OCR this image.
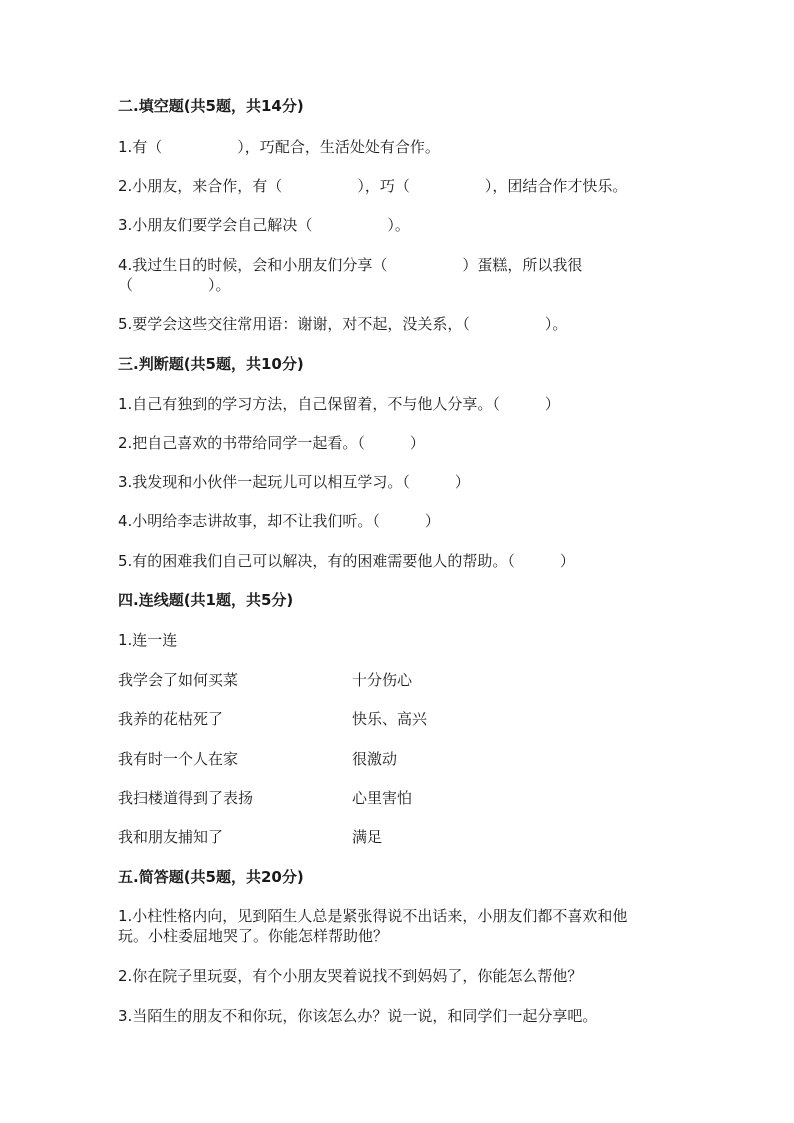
二.填空题(共5题，共14分)
1.有（　　　　　），巧配合，生活处处有合作。
2.小朋友，来合作，有（　　　　　），巧（　　　　　），团结合作才快乐。
3.小朋友们要学会自己解决（　　　　　）。
4.我过生日的时候，会和小朋友们分享（　　　　　）蛋糕，所以我很
（　　　　　）。
5.要学会这些交往常用语：谢谢，对不起，没关系，（　　　　　）。
三.判断题(共5题，共10分)
1.自己有独到的学习方法，自己保留着，不与他人分享。（　　　）
2.把自己喜欢的书带给同学一起看。（　　　）
3.我发现和小伙伴一起玩儿可以相互学习。（　　　）
4.小明给李志讲故事，却不让我们听。（　　　）
5.有的困难我们自己可以解决，有的困难需要他人的帮助。（　　　）
四.连线题(共1题，共5分)
1.连一连
我学会了如何买菜	十分伤心
我养的花枯死了	快乐、高兴
我有时一个人在家	很激动
我扫楼道得到了表扬	心里害怕
我和朋友捕知了	满足
五.简答题(共5题，共20分)
1.小柱性格内向，见到陌生人总是紧张得说不出话来，小朋友们都不喜欢和他
玩。小柱委屈地哭了。你能怎样帮助他？
2.你在院子里玩耍，有个小朋友哭着说找不到妈妈了，你能怎么帮他？
3.当陌生的朋友不和你玩，你该怎么办？说一说，和同学们一起分享吧。
